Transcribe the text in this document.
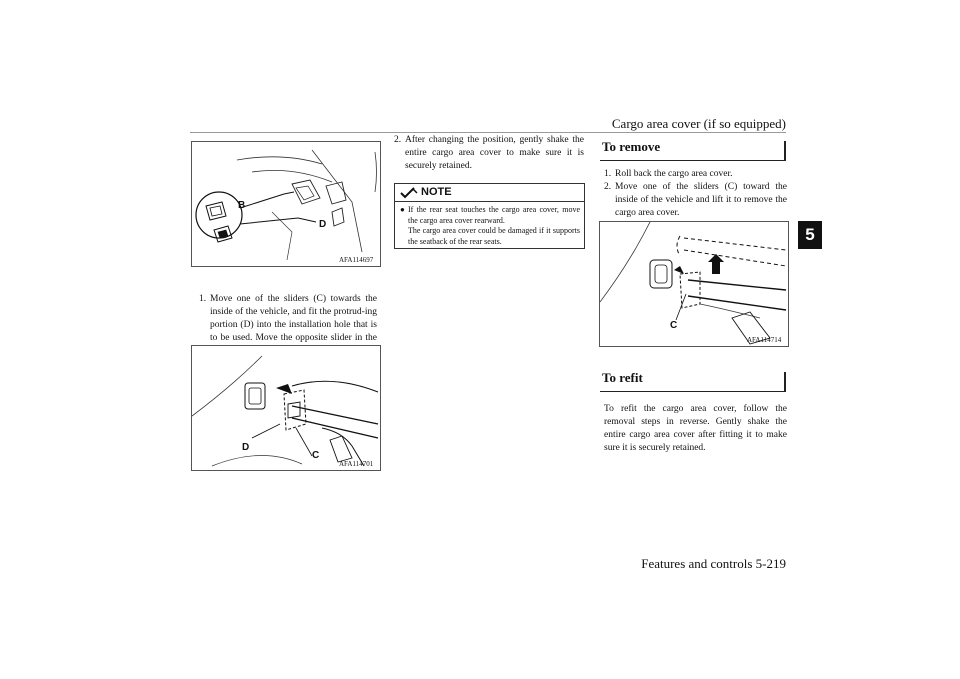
Cargo area cover (if so equipped)
5
B
D
AFA114697
1. Move one of the sliders (C) towards the inside of the vehicle, and fit the protrud-ing portion (D) into the installation hole that is to be used. Move the opposite slider in the
D
C
AFA114701
2. After changing the position, gently shake the entire cargo area cover to make sure it is securely retained.
NOTE
● If the rear seat touches the cargo area cover, move the cargo area cover rearward.
The cargo area cover could be damaged if it supports the seatback of the rear seats.
To remove
1. Roll back the cargo area cover.
2. Move one of the sliders (C) toward the inside of the vehicle and lift it to remove the cargo area cover.
C
AFA114714
To refit
To refit the cargo area cover, follow the removal steps in reverse. Gently shake the entire cargo area cover after fitting it to make sure it is securely retained.
Features and controls 5-219
